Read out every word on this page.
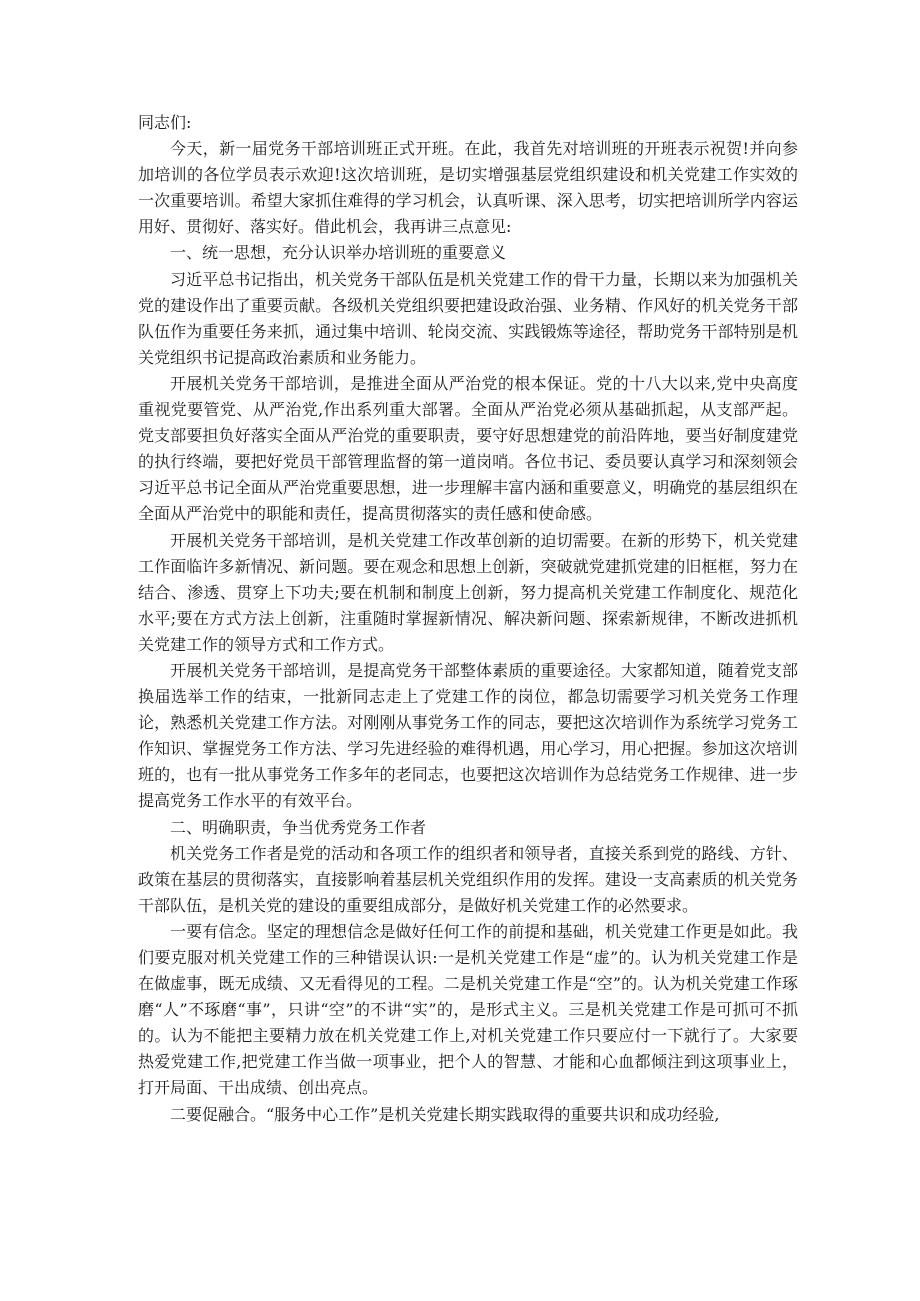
同志们:

今天，新一届党务干部培训班正式开班。在此，我首先对培训班的开班表示祝贺!并向参加培训的各位学员表示欢迎!这次培训班，是切实增强基层党组织建设和机关党建工作实效的一次重要培训。希望大家抓住难得的学习机会，认真听课、深入思考，切实把培训所学内容运用好、贯彻好、落实好。借此机会，我再讲三点意见:

一、统一思想，充分认识举办培训班的重要意义

习近平总书记指出，机关党务干部队伍是机关党建工作的骨干力量，长期以来为加强机关党的建设作出了重要贡献。各级机关党组织要把建设政治强、业务精、作风好的机关党务干部队伍作为重要任务来抓，通过集中培训、轮岗交流、实践锻炼等途径，帮助党务干部特别是机关党组织书记提高政治素质和业务能力。

开展机关党务干部培训，是推进全面从严治党的根本保证。党的十八大以来,党中央高度重视党要管党、从严治党,作出系列重大部署。全面从严治党必须从基础抓起，从支部严起。党支部要担负好落实全面从严治党的重要职责，要守好思想建党的前沿阵地，要当好制度建党的执行终端，要把好党员干部管理监督的第一道岗哨。各位书记、委员要认真学习和深刻领会习近平总书记全面从严治党重要思想，进一步理解丰富内涵和重要意义，明确党的基层组织在全面从严治党中的职能和责任，提高贯彻落实的责任感和使命感。

开展机关党务干部培训，是机关党建工作改革创新的迫切需要。在新的形势下，机关党建工作面临许多新情况、新问题。要在观念和思想上创新，突破就党建抓党建的旧框框，努力在结合、渗透、贯穿上下功夫;要在机制和制度上创新，努力提高机关党建工作制度化、规范化水平;要在方式方法上创新，注重随时掌握新情况、解决新问题、探索新规律，不断改进抓机关党建工作的领导方式和工作方式。

开展机关党务干部培训，是提高党务干部整体素质的重要途径。大家都知道，随着党支部换届选举工作的结束，一批新同志走上了党建工作的岗位，都急切需要学习机关党务工作理论，熟悉机关党建工作方法。对刚刚从事党务工作的同志，要把这次培训作为系统学习党务工作知识、掌握党务工作方法、学习先进经验的难得机遇，用心学习，用心把握。参加这次培训班的，也有一批从事党务工作多年的老同志，也要把这次培训作为总结党务工作规律、进一步提高党务工作水平的有效平台。

二、明确职责，争当优秀党务工作者

机关党务工作者是党的活动和各项工作的组织者和领导者，直接关系到党的路线、方针、政策在基层的贯彻落实，直接影响着基层机关党组织作用的发挥。建设一支高素质的机关党务干部队伍，是机关党的建设的重要组成部分，是做好机关党建工作的必然要求。

一要有信念。坚定的理想信念是做好任何工作的前提和基础，机关党建工作更是如此。我们要克服对机关党建工作的三种错误认识:一是机关党建工作是“虚”的。认为机关党建工作是在做虚事，既无成绩、又无看得见的工程。二是机关党建工作是“空”的。认为机关党建工作琢磨“人”不琢磨“事”，只讲“空”的不讲“实”的，是形式主义。三是机关党建工作是可抓可不抓的。认为不能把主要精力放在机关党建工作上,对机关党建工作只要应付一下就行了。大家要热爱党建工作,把党建工作当做一项事业，把个人的智慧、才能和心血都倾注到这项事业上，打开局面、干出成绩、创出亮点。

二要促融合。“服务中心工作”是机关党建长期实践取得的重要共识和成功经验,
